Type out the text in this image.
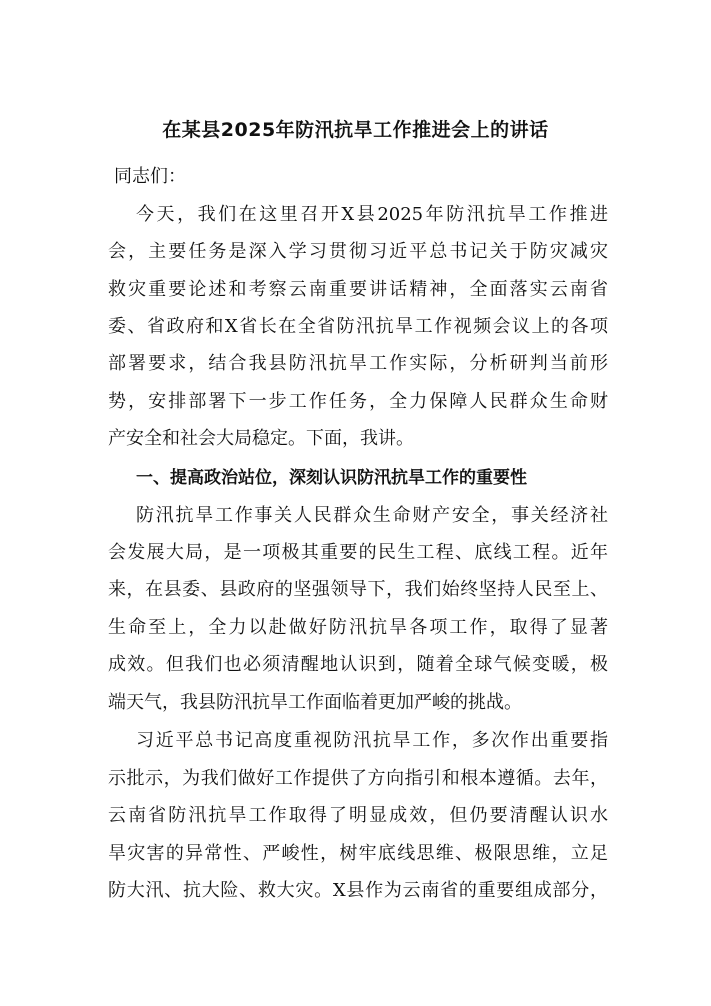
在某县2025年防汛抗旱工作推进会上的讲话
同志们：
今天，我们在这里召开X县2025年防汛抗旱工作推进
会，主要任务是深入学习贯彻习近平总书记关于防灾减灾
救灾重要论述和考察云南重要讲话精神，全面落实云南省
委、省政府和X省长在全省防汛抗旱工作视频会议上的各项
部署要求，结合我县防汛抗旱工作实际，分析研判当前形
势，安排部署下一步工作任务，全力保障人民群众生命财
产安全和社会大局稳定。下面，我讲。
一、提高政治站位，深刻认识防汛抗旱工作的重要性
防汛抗旱工作事关人民群众生命财产安全，事关经济社
会发展大局，是一项极其重要的民生工程、底线工程。近年
来，在县委、县政府的坚强领导下，我们始终坚持人民至上、
生命至上，全力以赴做好防汛抗旱各项工作，取得了显著
成效。但我们也必须清醒地认识到，随着全球气候变暖，极
端天气，我县防汛抗旱工作面临着更加严峻的挑战。
习近平总书记高度重视防汛抗旱工作，多次作出重要指
示批示，为我们做好工作提供了方向指引和根本遵循。去年，
云南省防汛抗旱工作取得了明显成效，但仍要清醒认识水
旱灾害的异常性、严峻性，树牢底线思维、极限思维，立足
防大汛、抗大险、救大灾。X县作为云南省的重要组成部分，
